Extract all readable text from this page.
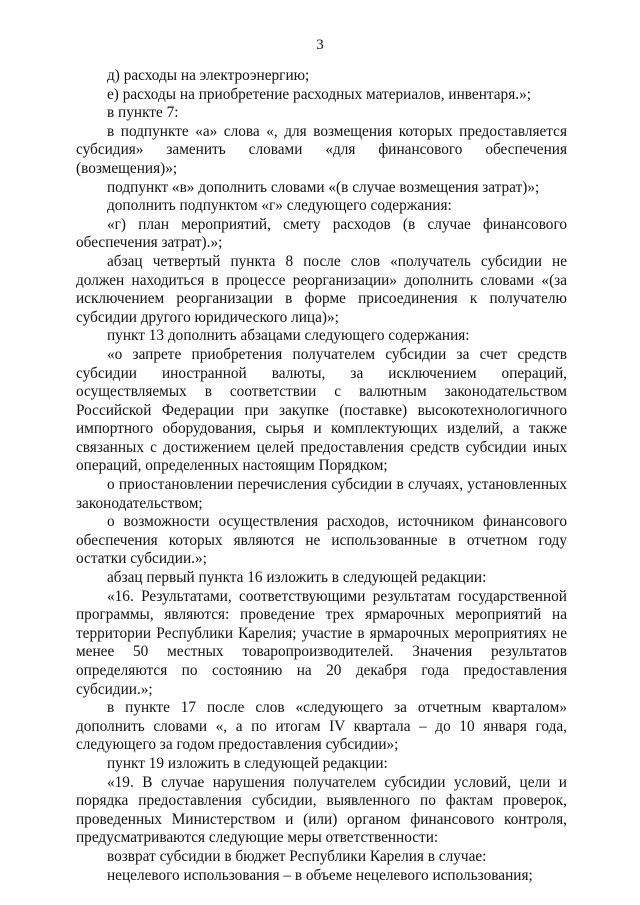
3

д) расходы на электроэнергию;

е) расходы на приобретение расходных материалов, инвентаря.»;

в пункте 7:

в подпункте «а» слова «, для возмещения которых предоставляется субсидия» заменить словами «для финансового обеспечения (возмещения)»;

подпункт «в» дополнить словами «(в случае возмещения затрат)»;

дополнить подпунктом «г» следующего содержания:

«г) план мероприятий, смету расходов (в случае финансового обеспечения затрат).»;

абзац четвертый пункта 8 после слов «получатель субсидии не должен находиться в процессе реорганизации» дополнить словами «(за исключением реорганизации в форме присоединения к получателю субсидии другого юридического лица)»;

пункт 13 дополнить абзацами следующего содержания:

«о запрете приобретения получателем субсидии за счет средств субсидии иностранной валюты, за исключением операций, осуществляемых в соответствии с валютным законодательством Российской Федерации при закупке (поставке) высокотехнологичного импортного оборудования, сырья и комплектующих изделий, а также связанных с достижением целей предоставления средств субсидии иных операций, определенных настоящим Порядком;

о приостановлении перечисления субсидии в случаях, установленных законодательством;

о возможности осуществления расходов, источником финансового обеспечения которых являются не использованные в отчетном году остатки субсидии.»;

абзац первый пункта 16 изложить в следующей редакции:

«16. Результатами, соответствующими результатам государственной программы, являются: проведение трех ярмарочных мероприятий на территории Республики Карелия; участие в ярмарочных мероприятиях не менее 50 местных товаропроизводителей. Значения результатов определяются по состоянию на 20 декабря года предоставления субсидии.»;

в пункте 17 после слов «следующего за отчетным кварталом» дополнить словами «, а по итогам IV квартала – до 10 января года, следующего за годом предоставления субсидии»;

пункт 19 изложить в следующей редакции:

«19. В случае нарушения получателем субсидии условий, цели и порядка предоставления субсидии, выявленного по фактам проверок, проведенных Министерством и (или) органом финансового контроля, предусматриваются следующие меры ответственности:

возврат субсидии в бюджет Республики Карелия в случае:

нецелевого использования – в объеме нецелевого использования;
